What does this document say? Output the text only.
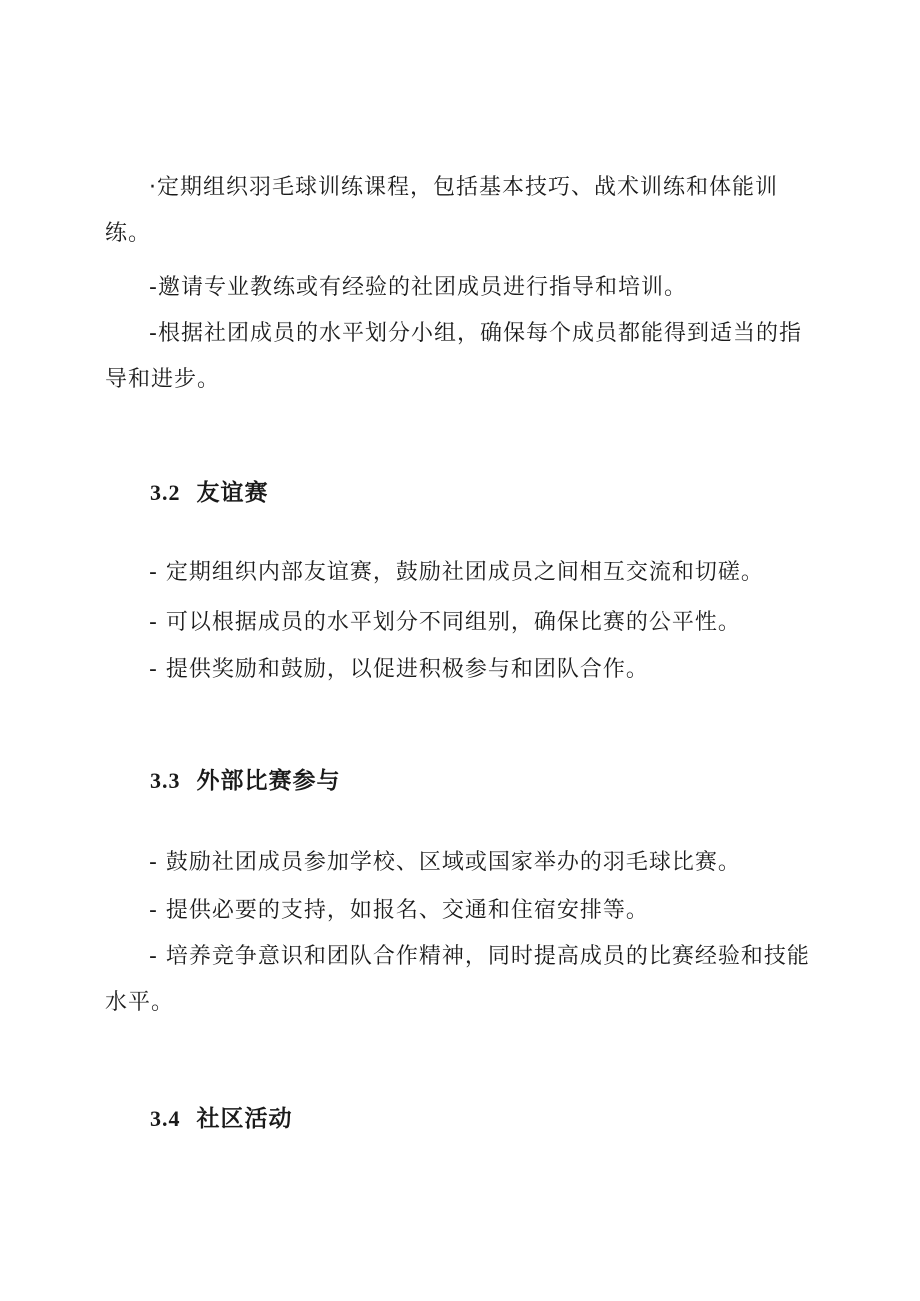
·定期组织羽毛球训练课程，包括基本技巧、战术训练和体能训练。

-邀请专业教练或有经验的社团成员进行指导和培训。

-根据社团成员的水平划分小组，确保每个成员都能得到适当的指导和进步。

3.2 友谊赛

- 定期组织内部友谊赛，鼓励社团成员之间相互交流和切磋。

- 可以根据成员的水平划分不同组别，确保比赛的公平性。

- 提供奖励和鼓励，以促进积极参与和团队合作。

3.3 外部比赛参与

- 鼓励社团成员参加学校、区域或国家举办的羽毛球比赛。

- 提供必要的支持，如报名、交通和住宿安排等。

- 培养竞争意识和团队合作精神，同时提高成员的比赛经验和技能水平。

3.4 社区活动
